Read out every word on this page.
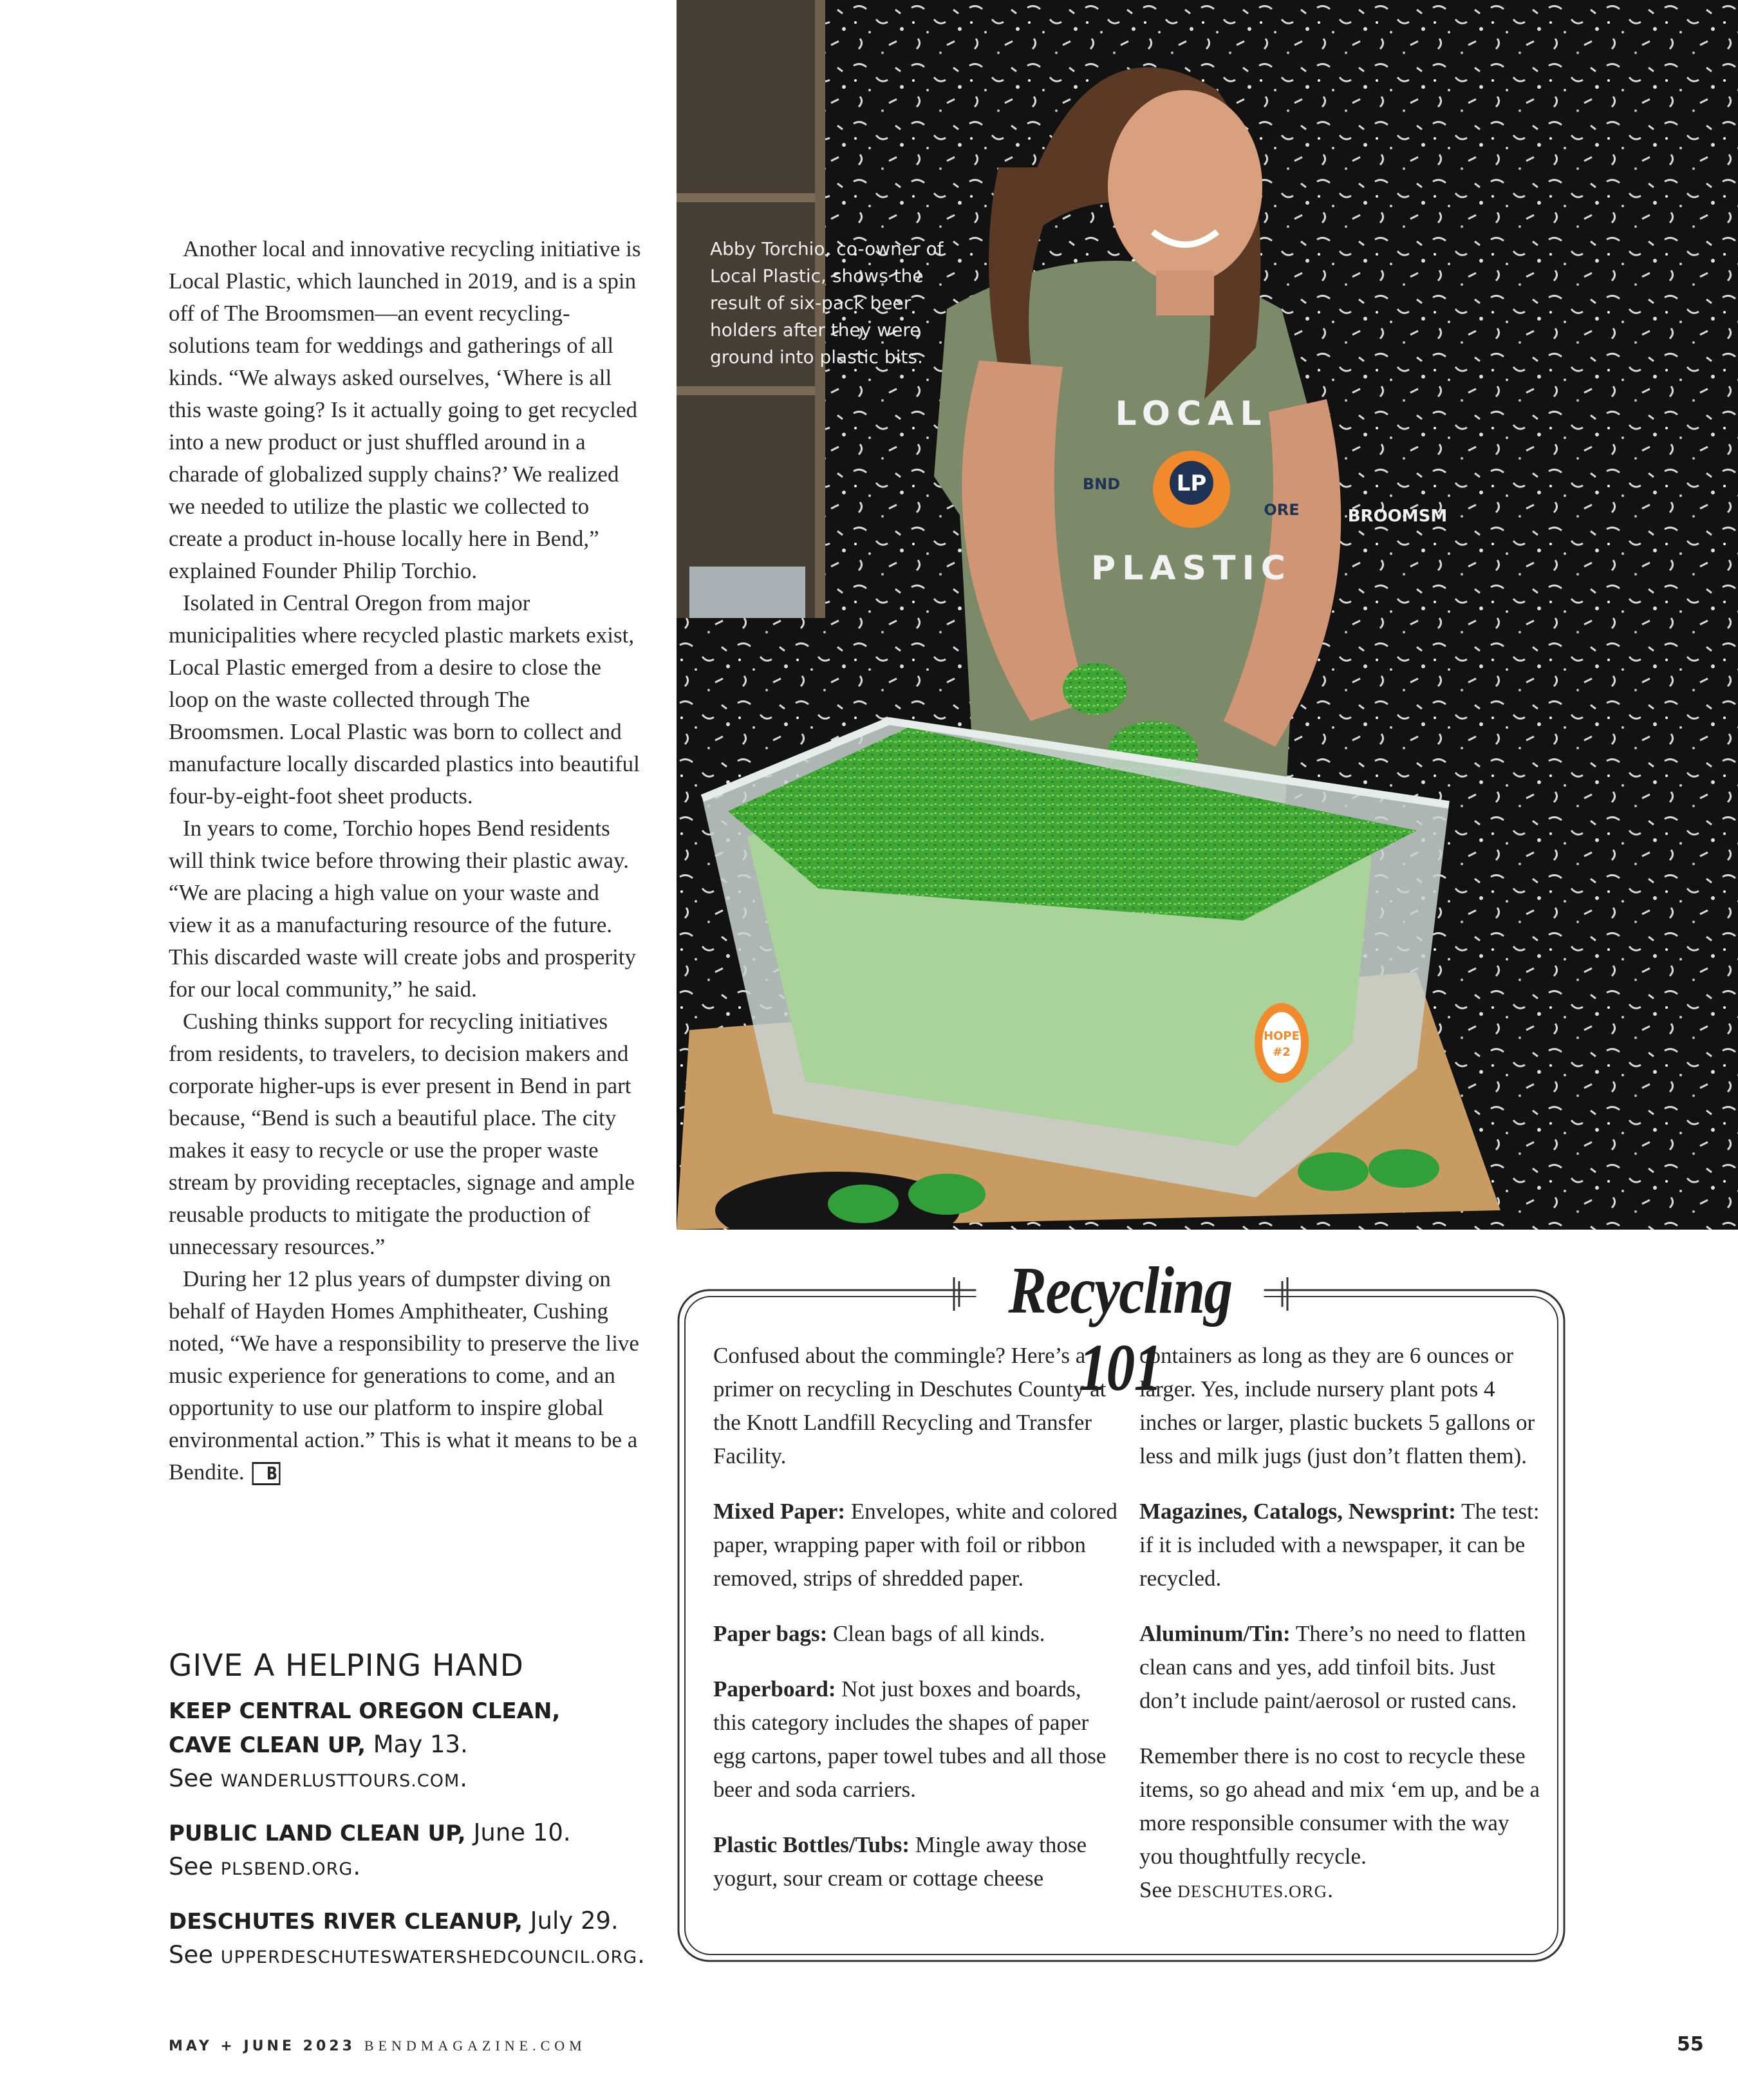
Another local and innovative recycling initiative is Local Plastic, which launched in 2019, and is a spin off of The Broomsmen—an event recycling-solutions team for weddings and gatherings of all kinds. “We always asked ourselves, ‘Where is all this waste going? Is it actually going to get recycled into a new product or just shuffled around in a charade of globalized supply chains?’ We realized we needed to utilize the plastic we collected to create a product in-house locally here in Bend,” explained Founder Philip Torchio.

Isolated in Central Oregon from major municipalities where recycled plastic markets exist, Local Plastic emerged from a desire to close the loop on the waste collected through The Broomsmen. Local Plastic was born to collect and manufacture locally discarded plastics into beautiful four-by-eight-foot sheet products.

In years to come, Torchio hopes Bend residents will think twice before throwing their plastic away. “We are placing a high value on your waste and view it as a manufacturing resource of the future. This discarded waste will create jobs and prosperity for our local community,” he said.

Cushing thinks support for recycling initiatives from residents, to travelers, to decision makers and corporate higher-ups is ever present in Bend in part because, “Bend is such a beautiful place. The city makes it easy to recycle or use the proper waste stream by providing receptacles, signage and ample reusable products to mitigate the production of unnecessary resources.”

During her 12 plus years of dumpster diving on behalf of Hayden Homes Amphitheater, Cushing noted, “We have a responsibility to preserve the live music experience for generations to come, and an opportunity to use our platform to inspire global environmental action.” This is what it means to be a Bendite. B

GIVE A HELPING HAND
KEEP CENTRAL OREGON CLEAN,
CAVE CLEAN UP, May 13.
See WANDERLUSTTOURS.COM.
PUBLIC LAND CLEAN UP, June 10.
See PLSBEND.ORG.
DESCHUTES RIVER CLEANUP, July 29.
See UPPERDESCHUTESWATERSHEDCOUNCIL.ORG.
LP
LOCAL
PLASTIC
BND
ORE	BROOMSM
HOPE
#2
Abby Torchio, co-owner of Local Plastic, shows the result of six-pack beer holders after they were ground into plastic bits.
Recycling 101

Confused about the commingle? Here’s a primer on recycling in Deschutes County at the Knott Landfill Recycling and Transfer Facility.

Mixed Paper: Envelopes, white and colored paper, wrapping paper with foil or ribbon removed, strips of shredded paper.

Paper bags: Clean bags of all kinds.

Paperboard: Not just boxes and boards, this category includes the shapes of paper egg cartons, paper towel tubes and all those beer and soda carriers.

Plastic Bottles/Tubs: Mingle away those yogurt, sour cream or cottage cheese

containers as long as they are 6 ounces or larger. Yes, include nursery plant pots 4 inches or larger, plastic buckets 5 gallons or less and milk jugs (just don’t flatten them).

Magazines, Catalogs, Newsprint: The test: if it is included with a newspaper, it can be recycled.

Aluminum/Tin: There’s no need to flatten clean cans and yes, add tinfoil bits. Just don’t include paint/aerosol or rusted cans.

Remember there is no cost to recycle these items, so go ahead and mix ‘em up, and be a more responsible consumer with the way you thoughtfully recycle.
See DESCHUTES.ORG.

MAY + JUNE 2023 BENDMAGAZINE.COM	55
